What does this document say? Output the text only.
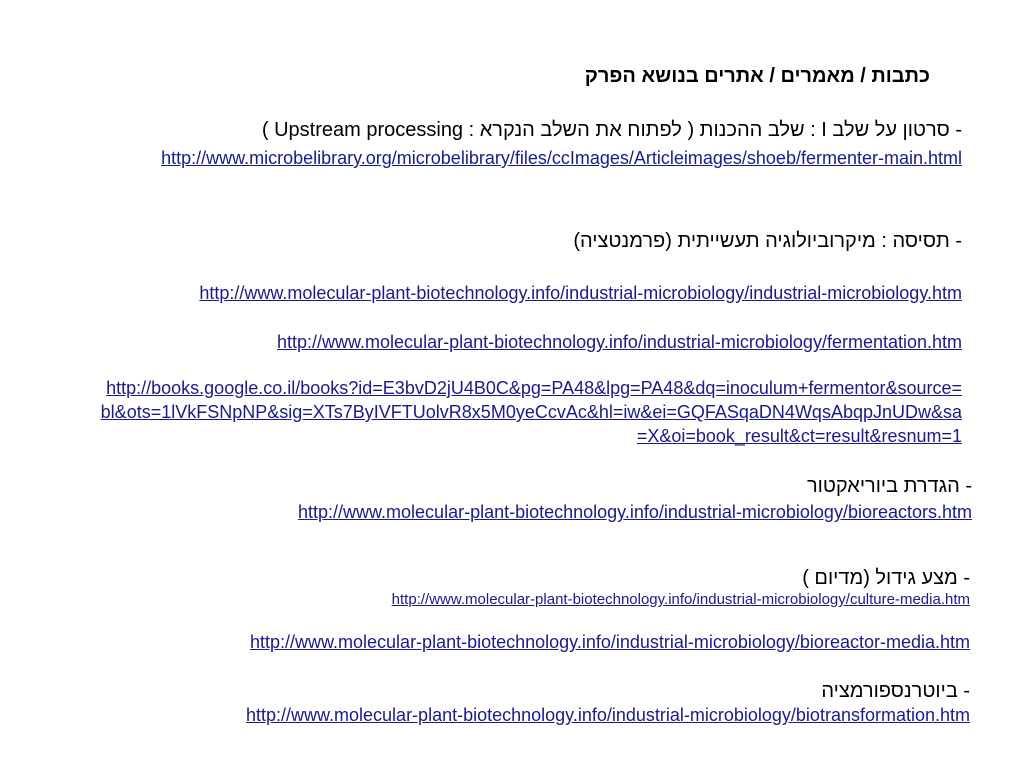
כתבות / מאמרים / אתרים בנושא הפרק
- סרטון על שלב I : שלב ההכנות ( לפתוח את השלב הנקרא : Upstream processing )
http://www.microbelibrary.org/microbelibrary/files/ccImages/Articleimages/shoeb/fermenter-main.html
- תסיסה : מיקרוביולוגיה תעשייתית (פרמנטציה)
http://www.molecular-plant-biotechnology.info/industrial-microbiology/industrial-microbiology.htm
http://www.molecular-plant-biotechnology.info/industrial-microbiology/fermentation.htm
http://books.google.co.il/books?id=E3bvD2jU4B0C&pg=PA48&lpg=PA48&dq=inoculum+fermentor&source=bl&ots=1lVkFSNpNP&sig=XTs7ByIVFTUolvR8x5M0yeCcvAc&hl=iw&ei=GQFASqaDN4WqsAbqpJnUDw&sa=X&oi=book_result&ct=result&resnum=1
- הגדרת ביוריאקטור
http://www.molecular-plant-biotechnology.info/industrial-microbiology/bioreactors.htm
- מצע גידול (מדיום )
http://www.molecular-plant-biotechnology.info/industrial-microbiology/culture-media.htm
http://www.molecular-plant-biotechnology.info/industrial-microbiology/bioreactor-media.htm
- ביוטרנספורמציה
http://www.molecular-plant-biotechnology.info/industrial-microbiology/biotransformation.htm
